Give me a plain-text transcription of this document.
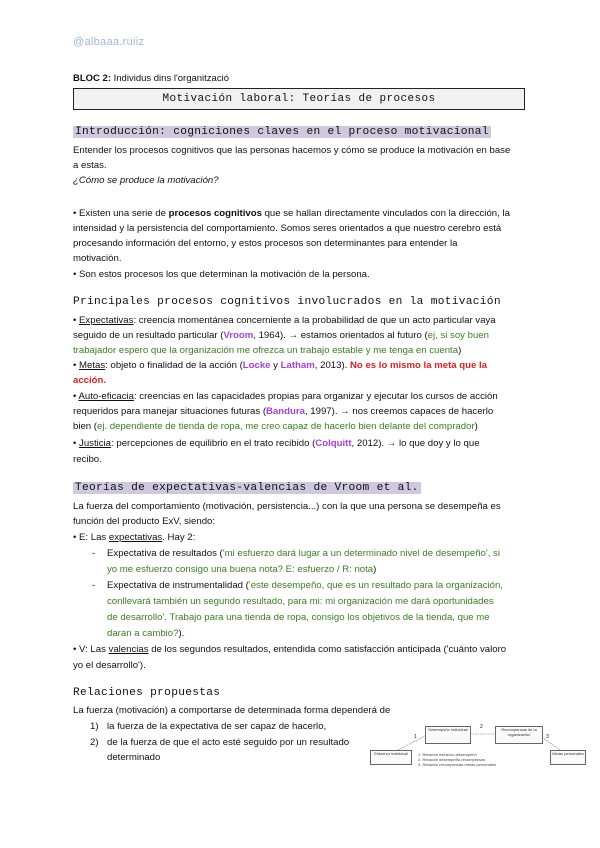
@albaaa.ruiiz
BLOC 2: Individus dins l'organització
Motivación laboral: Teorías de procesos
Introducción: cogniciones claves en el proceso motivacional
Entender los procesos cognitivos que las personas hacemos y cómo se produce la motivación en base
a estas.
¿Cómo se produce la motivación?
• Existen una serie de procesos cognitivos que se hallan directamente vinculados con la dirección, la
intensidad y la persistencia del comportamiento. Somos seres orientados a que nuestro cerebro está
procesando información del entorno, y estos procesos son determinantes para entender la
motivación.
• Son estos procesos los que determinan la motivación de la persona.
Principales procesos cognitivos involucrados en la motivación
• Expectativas: creencia momentánea concerniente a la probabilidad de que un acto particular vaya
seguido de un resultado particular (Vroom, 1964). → estamos orientados al futuro (ej, si soy buen
trabajador espero que la organización me ofrezca un trabajo estable y me tenga en cuenta)
• Metas: objeto o finalidad de la acción (Locke y Latham, 2013). No es lo mismo la meta que la
acción.
• Auto-eficacia: creencias en las capacidades propias para organizar y ejecutar los cursos de acción
requeridos para manejar situaciones futuras (Bandura, 1997). → nos creemos capaces de hacerlo
bien (ej. dependiente de tienda de ropa, me creo capaz de hacerlo bien delante del comprador)
• Justicia: percepciones de equilibrio en el trato recibido (Colquitt, 2012). → lo que doy y lo que
recibo.
Teorías de expectativas-valencias de Vroom et al.
La fuerza del comportamiento (motivación, persistencia...) con la que una persona se desempeña es
función del producto ExV, siendo:
• E: Las expectativas. Hay 2:
- Expectativa de resultados ('mi esfuerzo dará lugar a un determinado nivel de desempeño', si
yo me esfuerzo consigo una buena nota? E: esfuerzo / R: nota)
- Expectativa de instrumentalidad ('este desempeño, que es un resultado para la organización,
conllevará también un segundo resultado, para mi: mi organización me dará oportunidades
de desarrollo'. Trabajo para una tienda de ropa, consigo los objetivos de la tienda, que me
daran a cambio?).
• V: Las valencias de los segundos resultados, entendida como satisfacción anticipada ('cuánto valoro
yo el desarrollo').
Relaciones propuestas
La fuerza (motivación) a comportarse de determinada forma dependerá de
1) la fuerza de la expectativa de ser capaz de hacerlo,
2) de la fuerza de que el acto esté seguido por un resultado
determinado
Desempeño individual	Recompensas de la organización
Esfuerzo individual	Metas personales
1
2
3
1. Relación esfuerzo-desempeño
2. Relación desempeño-recompensas
3. Relación recompensas-metas personales
